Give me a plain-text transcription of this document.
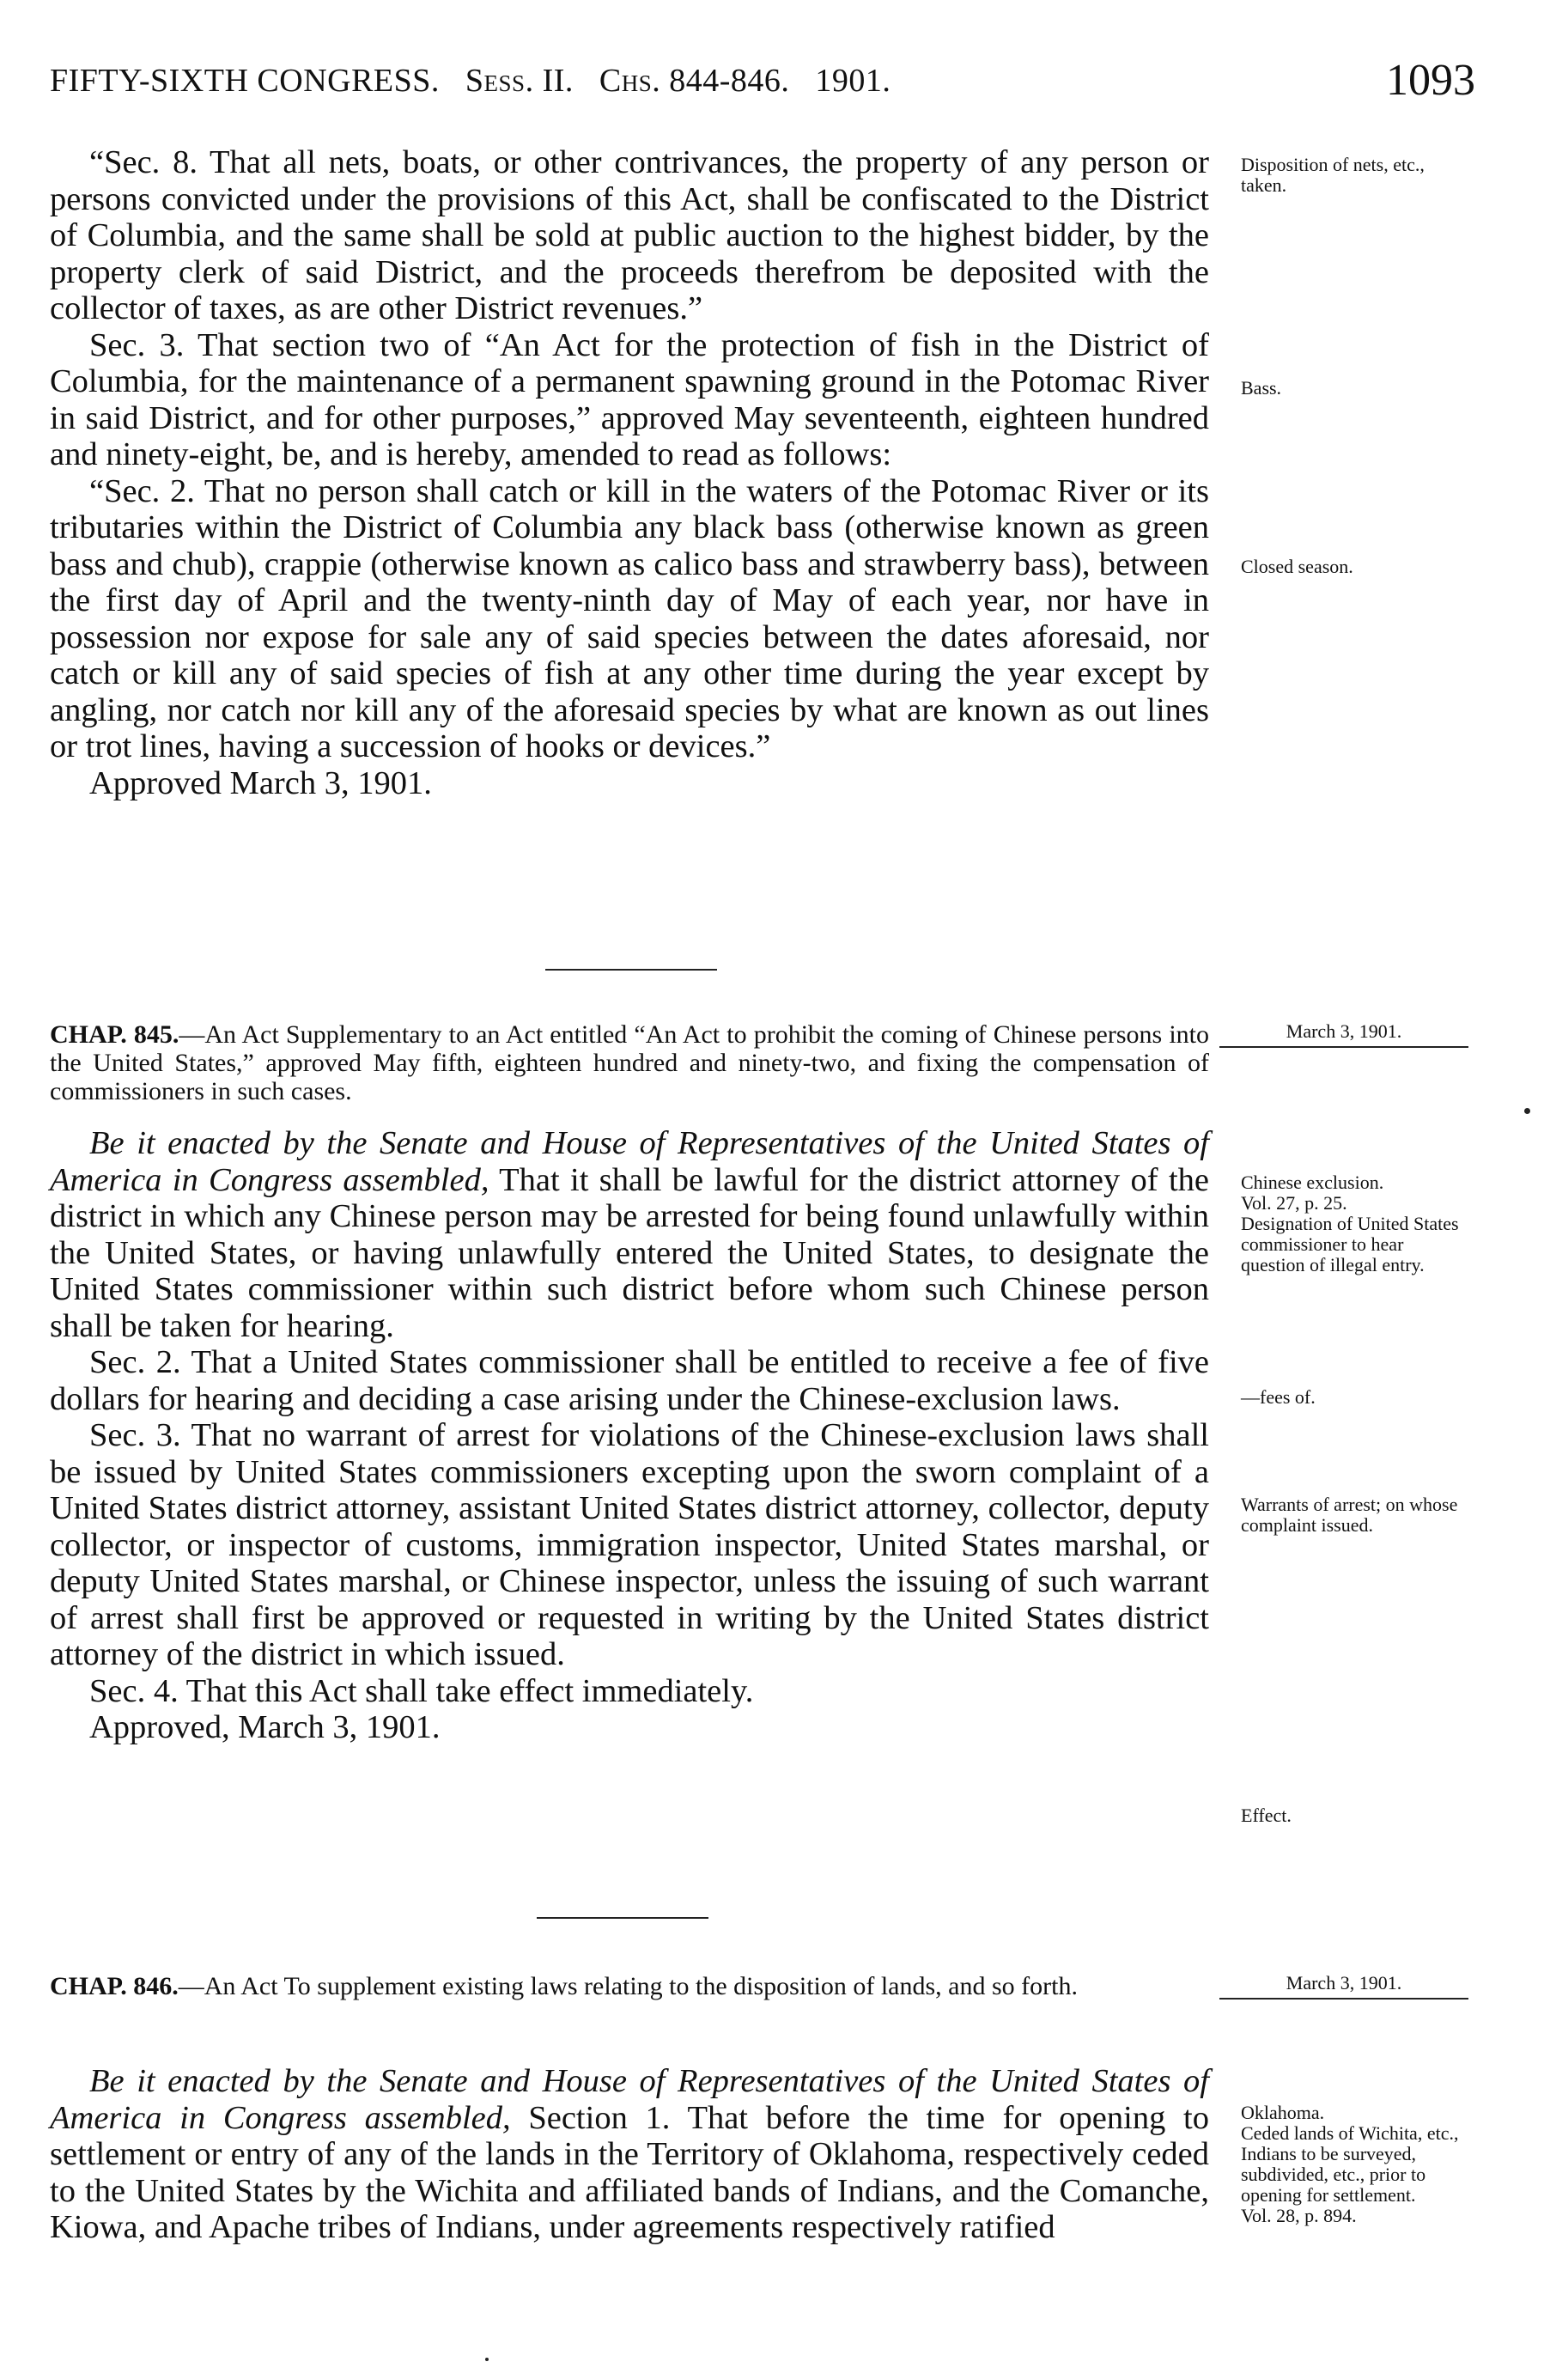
FIFTY-SIXTH CONGRESS. Sess. II. Chs. 844-846. 1901.	1093

“Sec. 8. That all nets, boats, or other contrivances, the property of any person or persons convicted under the provisions of this Act, shall be confiscated to the District of Columbia, and the same shall be sold at public auction to the highest bidder, by the property clerk of said District, and the proceeds therefrom be deposited with the collector of taxes, as are other District revenues.”

Sec. 3. That section two of “An Act for the protection of fish in the District of Columbia, for the maintenance of a permanent spawning ground in the Potomac River in said District, and for other purposes,” approved May seventeenth, eighteen hundred and ninety-eight, be, and is hereby, amended to read as follows:

“Sec. 2. That no person shall catch or kill in the waters of the Potomac River or its tributaries within the District of Columbia any black bass (otherwise known as green bass and chub), crappie (otherwise known as calico bass and strawberry bass), between the first day of April and the twenty-ninth day of May of each year, nor have in possession nor expose for sale any of said species between the dates aforesaid, nor catch or kill any of said species of fish at any other time during the year except by angling, nor catch nor kill any of the aforesaid species by what are known as out lines or trot lines, having a succession of hooks or devices.”

Approved March 3, 1901.

Disposition of nets, etc., taken.
Bass.
Closed season.
CHAP. 845.—An Act Supplementary to an Act entitled “An Act to prohibit the coming of Chinese persons into the United States,” approved May fifth, eighteen hundred and ninety-two, and fixing the compensation of commissioners in such cases.
March 3, 1901.

Be it enacted by the Senate and House of Representatives of the United States of America in Congress assembled, That it shall be lawful for the district attorney of the district in which any Chinese person may be arrested for being found unlawfully within the United States, or having unlawfully entered the United States, to designate the United States commissioner within such district before whom such Chinese person shall be taken for hearing.

Sec. 2. That a United States commissioner shall be entitled to receive a fee of five dollars for hearing and deciding a case arising under the Chinese-exclusion laws.

Sec. 3. That no warrant of arrest for violations of the Chinese-exclusion laws shall be issued by United States commissioners excepting upon the sworn complaint of a United States district attorney, assistant United States district attorney, collector, deputy collector, or inspector of customs, immigration inspector, United States marshal, or deputy United States marshal, or Chinese inspector, unless the issuing of such warrant of arrest shall first be approved or requested in writing by the United States district attorney of the district in which issued.

Sec. 4. That this Act shall take effect immediately.

Approved, March 3, 1901.

Chinese exclusion.
Vol. 27, p. 25.
Designation of United States commissioner to hear question of illegal entry.
—fees of.
Warrants of arrest; on whose complaint issued.
Effect.
CHAP. 846.—An Act To supplement existing laws relating to the disposition of lands, and so forth.	March 3, 1901.

Be it enacted by the Senate and House of Representatives of the United States of America in Congress assembled, Section 1. That before the time for opening to settlement or entry of any of the lands in the Territory of Oklahoma, respectively ceded to the United States by the Wichita and affiliated bands of Indians, and the Comanche, Kiowa, and Apache tribes of Indians, under agreements respectively ratified

Oklahoma.
Ceded lands of Wichita, etc., Indians to be surveyed, subdivided, etc., prior to opening for settlement.
Vol. 28, p. 894.
